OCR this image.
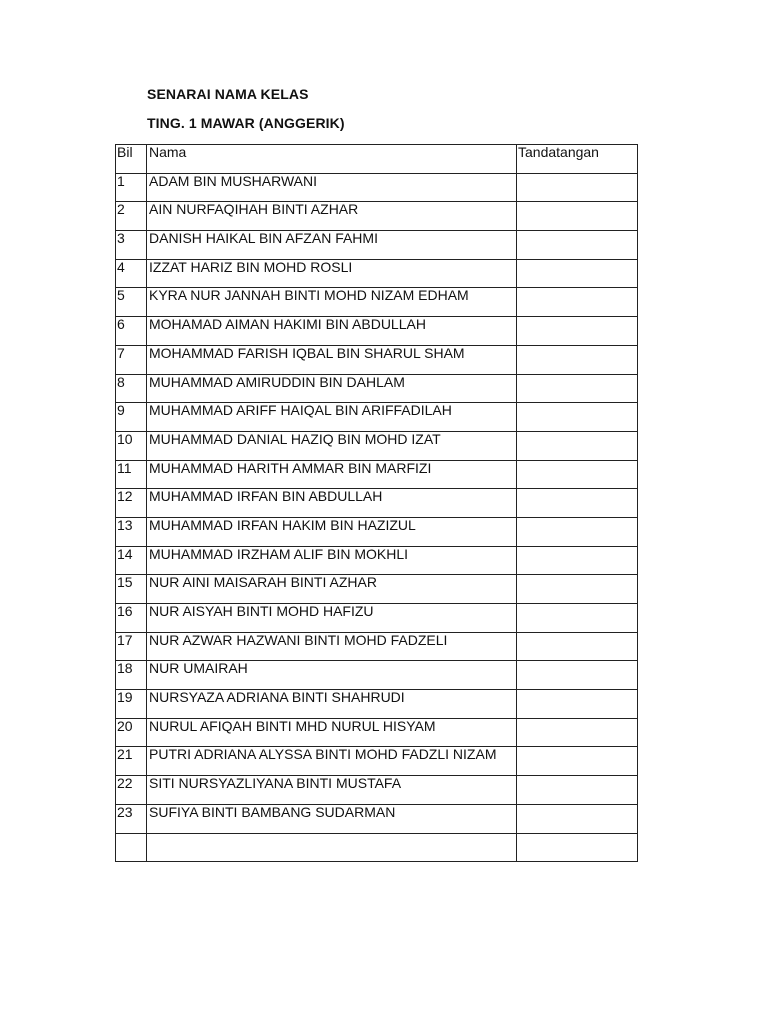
SENARAI NAMA KELAS
TING. 1 MAWAR (ANGGERIK)
Bil	Nama	Tandatangan

1	ADAM BIN MUSHARWANI	

2	AIN NURFAQIHAH BINTI AZHAR	

3	DANISH HAIKAL BIN AFZAN FAHMI	

4	IZZAT HARIZ BIN MOHD ROSLI	

5	KYRA NUR JANNAH BINTI MOHD NIZAM EDHAM	

6	MOHAMAD AIMAN HAKIMI BIN ABDULLAH	

7	MOHAMMAD FARISH IQBAL BIN SHARUL SHAM	

8	MUHAMMAD AMIRUDDIN BIN DAHLAM	

9	MUHAMMAD ARIFF HAIQAL BIN ARIFFADILAH	

10	MUHAMMAD DANIAL HAZIQ BIN MOHD IZAT	

11	MUHAMMAD HARITH AMMAR BIN MARFIZI	

12	MUHAMMAD IRFAN BIN ABDULLAH	

13	MUHAMMAD IRFAN HAKIM BIN HAZIZUL	

14	MUHAMMAD IRZHAM ALIF BIN MOKHLI	

15	NUR AINI MAISARAH BINTI AZHAR	

16	NUR AISYAH BINTI MOHD HAFIZU	

17	NUR AZWAR HAZWANI BINTI MOHD FADZELI	

18	NUR UMAIRAH	

19	NURSYAZA ADRIANA BINTI SHAHRUDI	

20	NURUL AFIQAH BINTI MHD NURUL HISYAM	

21	PUTRI ADRIANA ALYSSA BINTI MOHD FADZLI NIZAM	

22	SITI NURSYAZLIYANA BINTI MUSTAFA	

23	SUFIYA BINTI BAMBANG SUDARMAN	
